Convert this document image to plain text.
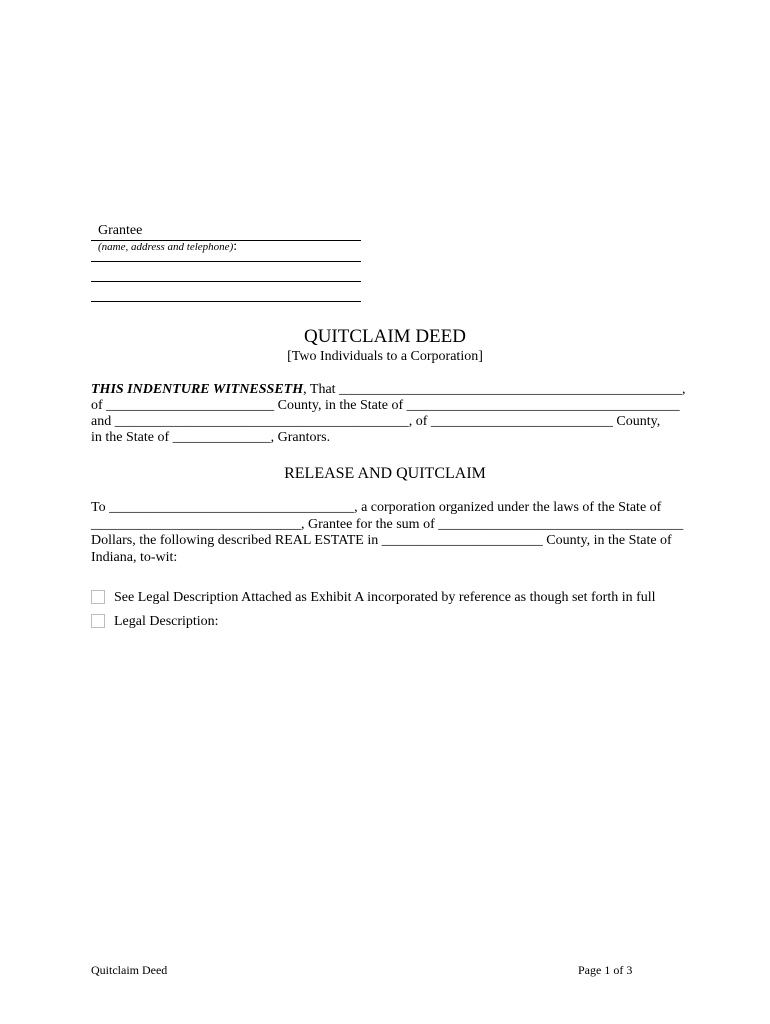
Grantee
(name, address and telephone):

QUITCLAIM DEED
[Two Individuals to a Corporation]
THIS INDENTURE WITNESSETH, That _________________________________________________,
of ________________________ County, in the State of _______________________________________
and __________________________________________, of __________________________ County,
in the State of ______________, Grantors.
RELEASE AND QUITCLAIM
To ___________________________________, a corporation organized under the laws of the State of
______________________________, Grantee for the sum of ___________________________________
Dollars, the following described REAL ESTATE in _______________________ County, in the State of
Indiana, to-wit:
See Legal Description Attached as Exhibit A incorporated by reference as though set forth in full
Legal Description:
Quitclaim Deed	Page 1 of 3
